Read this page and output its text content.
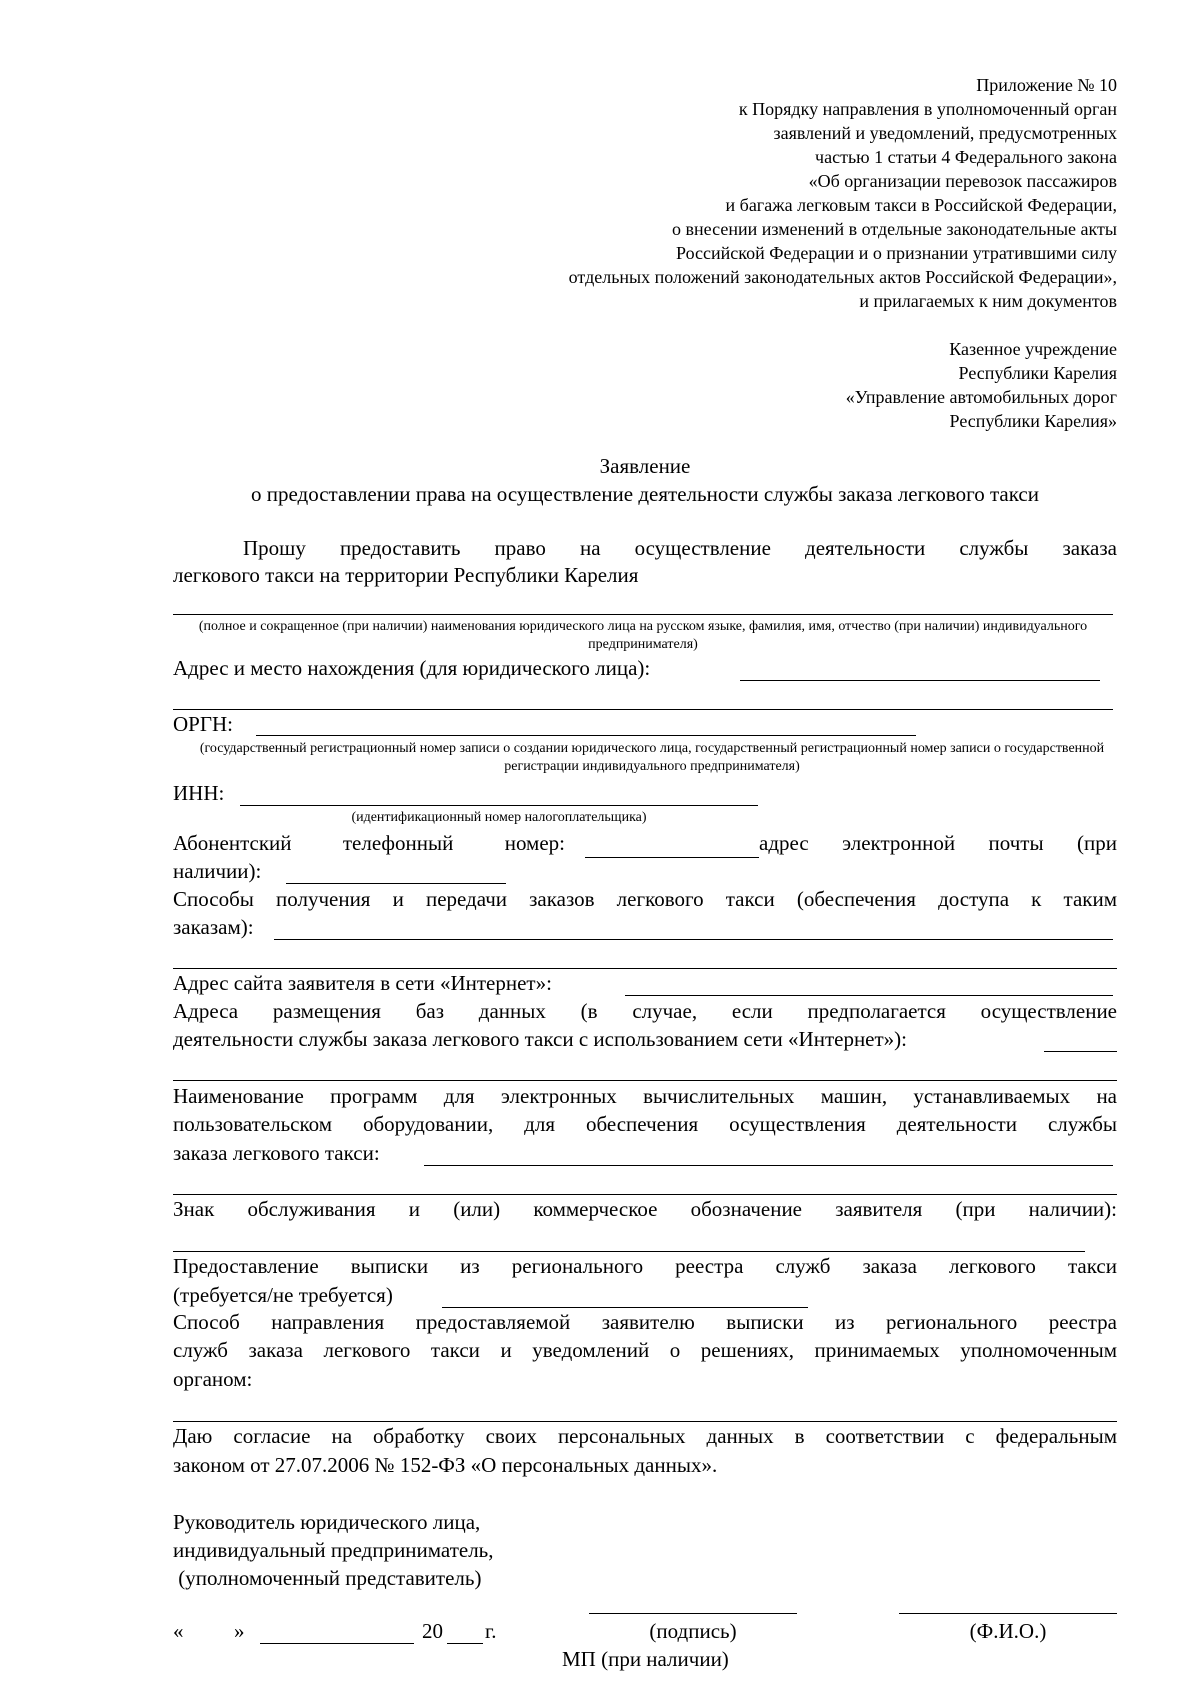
Приложение № 10
к Порядку направления в уполномоченный орган
заявлений и уведомлений, предусмотренных
частью 1 статьи 4 Федерального закона
«Об организации перевозок пассажиров
и багажа легковым такси в Российской Федерации,
о внесении изменений в отдельные законодательные акты
Российской Федерации и о признании утратившими силу
отдельных положений законодательных актов Российской Федерации»,
и прилагаемых к ним документов
Казенное учреждение
Республики Карелия
«Управление автомобильных дорог
Республики Карелия»
Заявление
о предоставлении права на осуществление деятельности службы заказа легкового такси
Прошу предоставить право на осуществление деятельности службы заказа
легкового такси на территории Республики Карелия
(полное и сокращенное (при наличии) наименования юридического лица на русском языке, фамилия, имя, отчество (при наличии) индивидуального предпринимателя)
Адрес и место нахождения (для юридического лица):
ОРГН:
(государственный регистрационный номер записи о создании юридического лица, государственный регистрационный номер записи о государственной регистрации индивидуального предпринимателя)
ИНН:
(идентификационный номер налогоплательщика)
Абонентский телефонный номер:	адрес электронной почты (при
наличии):
Способы получения и передачи заказов легкового такси (обеспечения доступа к таким
заказам):
Адрес сайта заявителя в сети «Интернет»:
Адреса размещения баз данных (в случае, если предполагается осуществление
деятельности службы заказа легкового такси с использованием сети «Интернет»):
Наименование программ для электронных вычислительных машин, устанавливаемых на
пользовательском оборудовании, для обеспечения осуществления деятельности службы
заказа легкового такси:
Знак обслуживания и (или) коммерческое обозначение заявителя (при наличии):
Предоставление выписки из регионального реестра служб заказа легкового такси
(требуется/не требуется)
Способ направления предоставляемой заявителю выписки из регионального реестра
служб заказа легкового такси и уведомлений о решениях, принимаемых уполномоченным
органом:
Даю согласие на обработку своих персональных данных в соответствии с федеральным
законом от 27.07.2006 № 152-ФЗ «О персональных данных».
Руководитель юридического лица,
индивидуальный предприниматель,
(уполномоченный представитель)
« »	20 г.	(подпись)	(Ф.И.О.)
МП (при наличии)
